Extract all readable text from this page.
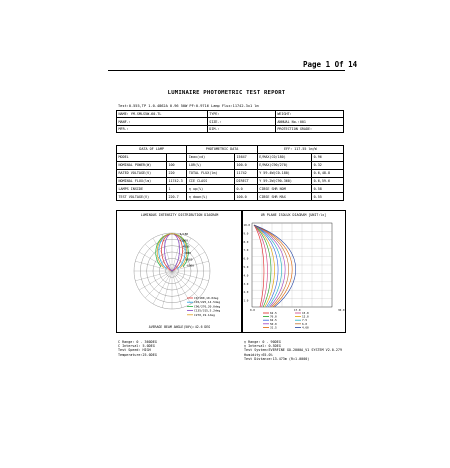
Page 1 Of 14
LUMINAIRE PHOTOMETRIC TEST REPORT
Test:0.555,TP 1.0.4862A 0.96 50W PF:0.9716 Lamp Flux:11742.3x1 lm
NAME: YM-SMLS5W-60-TL	TYPE:	WEIGHT:
MANF.:	SIZE.:	ANNUAL No.:001
MFR.:	DIM.:	PROTECTION GRADE:
DATA OF LAMP		PHOTOMETRIC DATA		EFF: 117.55 lm/W	
MODEL		Imax(cd)	15647	E/MAX(C0/180)	0.96
NOMINAL POWER(W)	100	LOR(%)	100.0	E/MAX(C90/270)	0.32
RATED VOLTAGE(V)	220	TOTAL FLUX(lm)	11742	Y 59.4W(C0-180)	0.6,48.8
NOMINAL FLUX(lm)	11742.3	CIE CLASS	DIRECT	Y 59.2W(C90-360)	0.6,59.6
LAMPS INSIDE	1	η up(%)	0.0	CIBSE SHR NOM	0.58
TEST VOLTAGE(V)	220.7	η down(%)	100.0	CIBSE SHR MAX	0.55
LUMINOUS INTENSITY DISTRIBUTION DIAGRAM
-2/180
-1000
-4000
-3000
-8000
-6000
C0/180,10.0deg
C45/225,14.5deg
C90/270,20.0deg
C135/315,5.2deg
C270,19.1deg
AVERAGE BEAM ANGLE(50%):42.6 DEG
UR PLANE ISOLUX DIAGRAM [UNIT:lx]
10.0
9.0
8.0
7.0
6.0
5.0
4.0
3.0
2.0
1.0
0.0	17.0	30.0
62.5	15.0
76.0	12.0
62.5	7.5
50.0	6.0
31.5	4.60
C Range: 0 - 360DEG
C Interval: 5.0DEG
Test Speed: HIGH
Temperature:25.0DEG
γ Range: 0 - 90DEG
γ Interval: 0.5DEG
Test System:EVERFINE GO-2000A_V1 SYSTEM V2.0.279
Humidity:65.0%
Test Distance:13.473m (R=1.0000)
